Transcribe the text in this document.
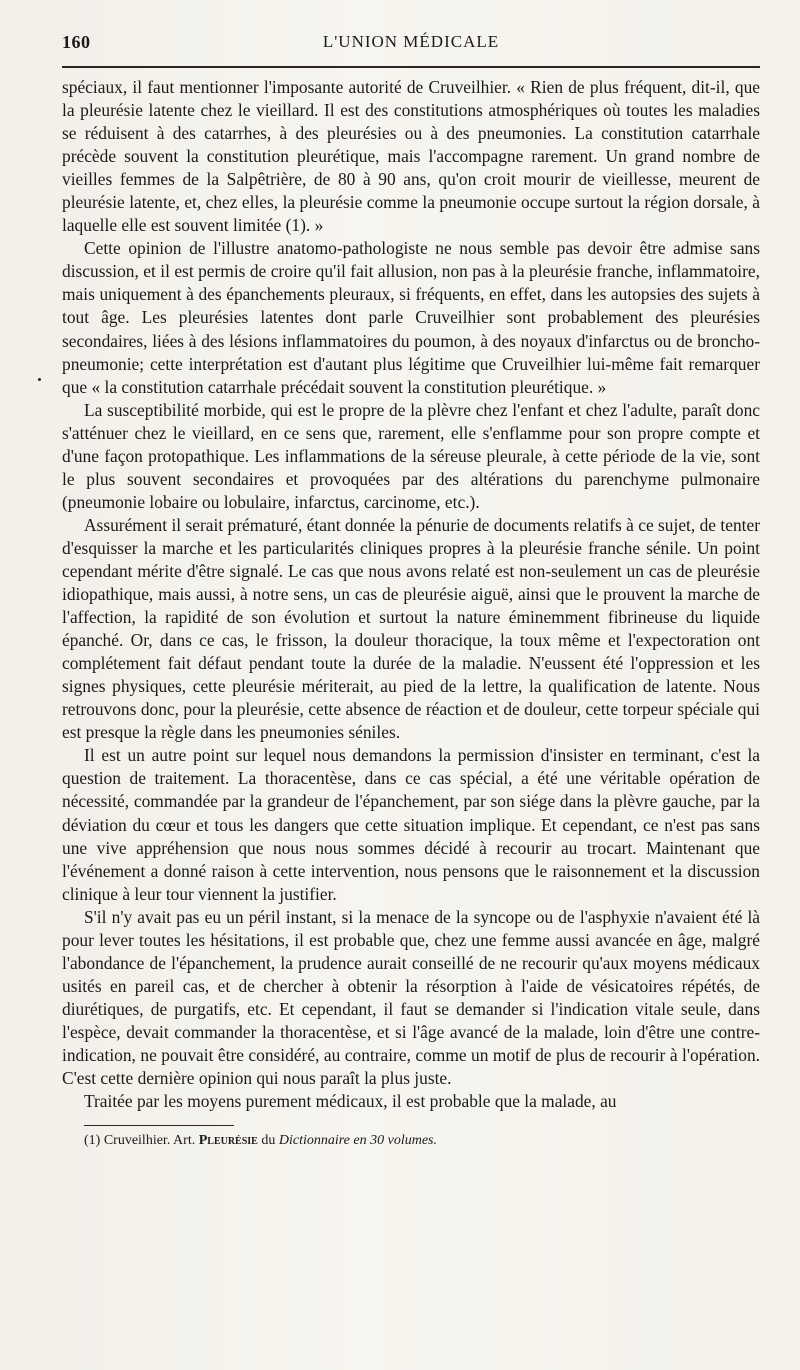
160	L'UNION MÉDICALE

spéciaux, il faut mentionner l'imposante autorité de Cruveilhier. « Rien de plus fréquent, dit-il, que la pleurésie latente chez le vieillard. Il est des constitutions atmosphériques où toutes les maladies se réduisent à des catarrhes, à des pleurésies ou à des pneumonies. La constitution catarrhale précède souvent la constitution pleurétique, mais l'accompagne rarement. Un grand nombre de vieilles femmes de la Salpêtrière, de 80 à 90 ans, qu'on croit mourir de vieillesse, meurent de pleurésie latente, et, chez elles, la pleurésie comme la pneumonie occupe surtout la région dorsale, à laquelle elle est souvent limitée (1). »

Cette opinion de l'illustre anatomo-pathologiste ne nous semble pas devoir être admise sans discussion, et il est permis de croire qu'il fait allusion, non pas à la pleurésie franche, inflammatoire, mais uniquement à des épanchements pleuraux, si fréquents, en effet, dans les autopsies des sujets à tout âge. Les pleurésies latentes dont parle Cruveilhier sont probablement des pleurésies secondaires, liées à des lésions inflammatoires du poumon, à des noyaux d'infarctus ou de broncho-pneumonie; cette interprétation est d'autant plus légitime que Cruveilhier lui-même fait remarquer que « la constitution catarrhale précédait souvent la constitution pleurétique. »

La susceptibilité morbide, qui est le propre de la plèvre chez l'enfant et chez l'adulte, paraît donc s'atténuer chez le vieillard, en ce sens que, rarement, elle s'enflamme pour son propre compte et d'une façon protopathique. Les inflammations de la séreuse pleurale, à cette période de la vie, sont le plus souvent secondaires et provoquées par des altérations du parenchyme pulmonaire (pneumonie lobaire ou lobulaire, infarctus, carcinome, etc.).

Assurément il serait prématuré, étant donnée la pénurie de documents relatifs à ce sujet, de tenter d'esquisser la marche et les particularités cliniques propres à la pleurésie franche sénile. Un point cependant mérite d'être signalé. Le cas que nous avons relaté est non-seulement un cas de pleurésie idiopathique, mais aussi, à notre sens, un cas de pleurésie aiguë, ainsi que le prouvent la marche de l'affection, la rapidité de son évolution et surtout la nature éminemment fibrineuse du liquide épanché. Or, dans ce cas, le frisson, la douleur thoracique, la toux même et l'expectoration ont complétement fait défaut pendant toute la durée de la maladie. N'eussent été l'oppression et les signes physiques, cette pleurésie mériterait, au pied de la lettre, la qualification de latente. Nous retrouvons donc, pour la pleurésie, cette absence de réaction et de douleur, cette torpeur spéciale qui est presque la règle dans les pneumonies séniles.

Il est un autre point sur lequel nous demandons la permission d'insister en terminant, c'est la question de traitement. La thoracentèse, dans ce cas spécial, a été une véritable opération de nécessité, commandée par la grandeur de l'épanchement, par son siége dans la plèvre gauche, par la déviation du cœur et tous les dangers que cette situation implique. Et cependant, ce n'est pas sans une vive appréhension que nous nous sommes décidé à recourir au trocart. Maintenant que l'événement a donné raison à cette intervention, nous pensons que le raisonnement et la discussion clinique à leur tour viennent la justifier.

S'il n'y avait pas eu un péril instant, si la menace de la syncope ou de l'asphyxie n'avaient été là pour lever toutes les hésitations, il est probable que, chez une femme aussi avancée en âge, malgré l'abondance de l'épanchement, la prudence aurait conseillé de ne recourir qu'aux moyens médicaux usités en pareil cas, et de chercher à obtenir la résorption à l'aide de vésicatoires répétés, de diurétiques, de purgatifs, etc. Et cependant, il faut se demander si l'indication vitale seule, dans l'espèce, devait commander la thoracentèse, et si l'âge avancé de la malade, loin d'être une contre-indication, ne pouvait être considéré, au contraire, comme un motif de plus de recourir à l'opération. C'est cette dernière opinion qui nous paraît la plus juste.

Traitée par les moyens purement médicaux, il est probable que la malade, au

(1) Cruveilhier. Art. Pleurésie du Dictionnaire en 30 volumes.
